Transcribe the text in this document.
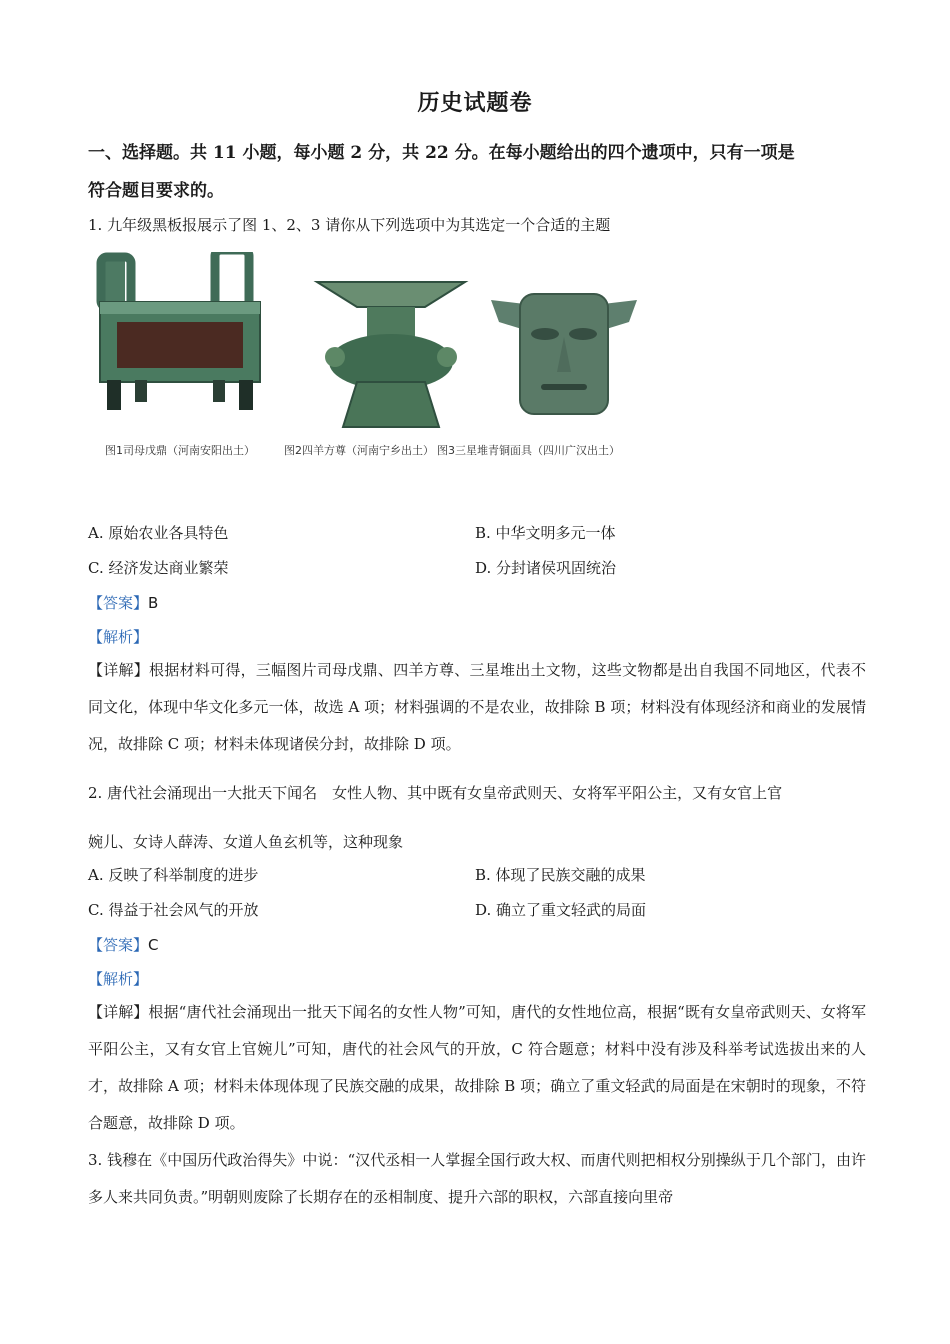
历史试题卷
一、选择题。共 11 小题，每小题 2 分，共 22 分。在每小题给出的四个遗项中，只有一项是
符合题目要求的。
1. 九年级黑板报展示了图 1、2、3 请你从下列选项中为其选定一个合适的主题
图1司母戊鼎（河南安阳出土）	图2四羊方尊（河南宁乡出土） 图3三星堆青铜面具（四川广汉出土）
A. 原始农业各具特色	B. 中华文明多元一体
C. 经济发达商业繁荣	D. 分封诸侯巩固统治
【答案】B
【解析】
【详解】根据材料可得，三幅图片司母戊鼎、四羊方尊、三星堆出土文物，这些文物都是出自我国不同地区，代表不同文化，体现中华文化多元一体，故选 A 项；材料强调的不是农业，故排除 B 项；材料没有体现经济和商业的发展情况，故排除 C 项；材料未体现诸侯分封，故排除 D 项。
2. 唐代社会涌现出一大批天下闻名　女性人物、其中既有女皇帝武则天、女将军平阳公主，又有女官上官
婉儿、女诗人薛涛、女道人鱼玄机等，这种现象
A. 反映了科举制度的进步	B. 体现了民族交融的成果
C. 得益于社会风气的开放	D. 确立了重文轻武的局面
【答案】C
【解析】
【详解】根据“唐代社会涌现出一批天下闻名的女性人物”可知，唐代的女性地位高，根据“既有女皇帝武则天、女将军平阳公主，又有女官上官婉儿”可知，唐代的社会风气的开放，C 符合题意；材料中没有涉及科举考试选拔出来的人才，故排除 A 项；材料未体现体现了民族交融的成果，故排除 B 项；确立了重文轻武的局面是在宋朝时的现象，不符合题意，故排除 D 项。
3. 钱穆在《中国历代政治得失》中说：“汉代丞相一人掌握全国行政大权、而唐代则把相权分别操纵于几个部门，由许多人来共同负责。”明朝则废除了长期存在的丞相制度、提升六部的职权，六部直接向里帝
